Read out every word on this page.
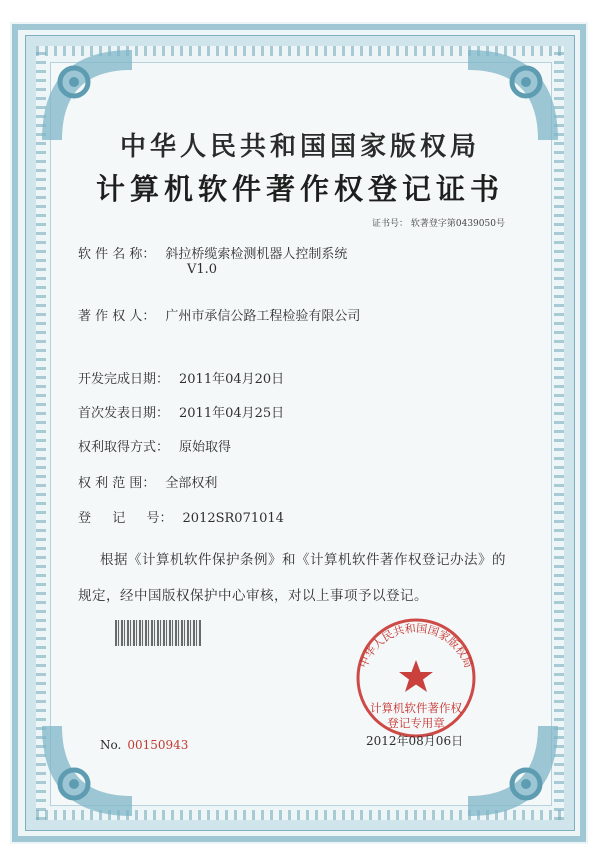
中华人民共和国国家版权局
计算机软件著作权登记证书
证书号： 软著登字第0439050号
软 件 名 称： 斜拉桥缆索检测机器人控制系统
V1.0
著 作 权 人： 广州市承信公路工程检验有限公司
开发完成日期： 2011年04月20日
首次发表日期： 2011年04月25日
权利取得方式： 原始取得
权 利 范 围： 全部权利
登 　 记 　 号： 2012SR071014
根据《计算机软件保护条例》和《计算机软件著作权登记办法》的
规定，经中国版权保护中心审核，对以上事项予以登记。
No. 00150943
中华人民共和国国家版权局
计算机软件著作权
登记专用章
2012年08月06日
